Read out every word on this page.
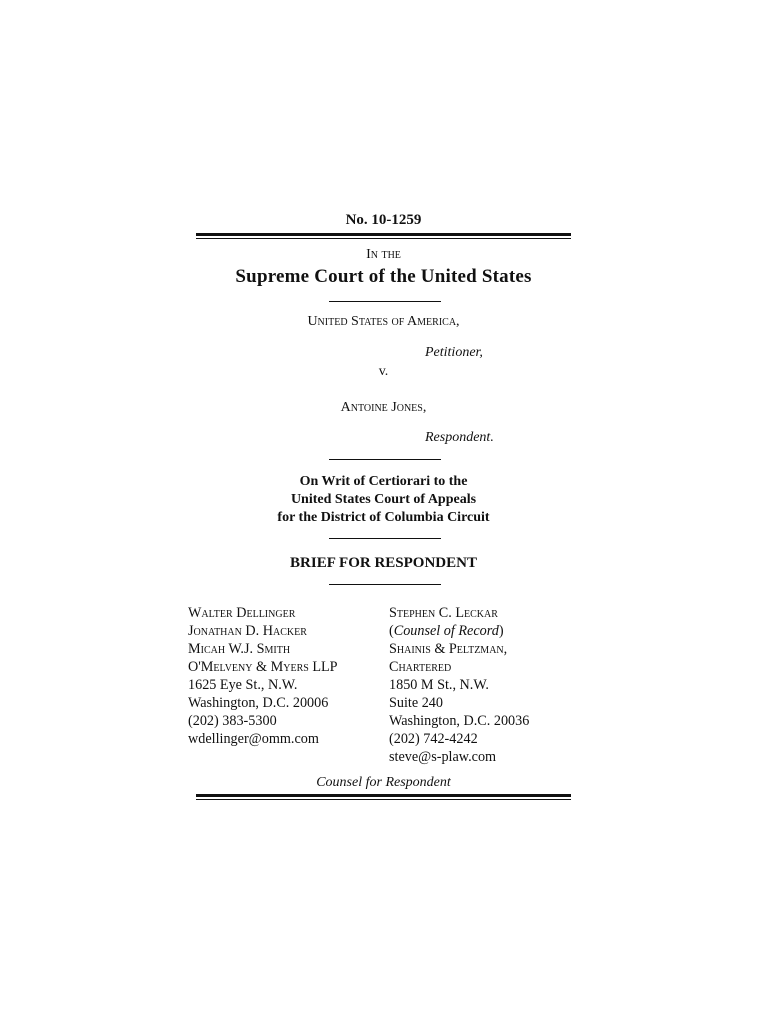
No. 10-1259
In the
Supreme Court of the United States
United States of America,
Petitioner,
v.
Antoine Jones,
Respondent.
On Writ of Certiorari to the
United States Court of Appeals
for the District of Columbia Circuit
BRIEF FOR RESPONDENT
Walter Dellinger
Jonathan D. Hacker
Micah W.J. Smith
O'Melveny & Myers LLP
1625 Eye St., N.W.
Washington, D.C. 20006
(202) 383-5300
wdellinger@omm.com
Stephen C. Leckar
(Counsel of Record)
Shainis & Peltzman,
Chartered
1850 M St., N.W.
Suite 240
Washington, D.C. 20036
(202) 742-4242
steve@s-plaw.com
Counsel for Respondent
